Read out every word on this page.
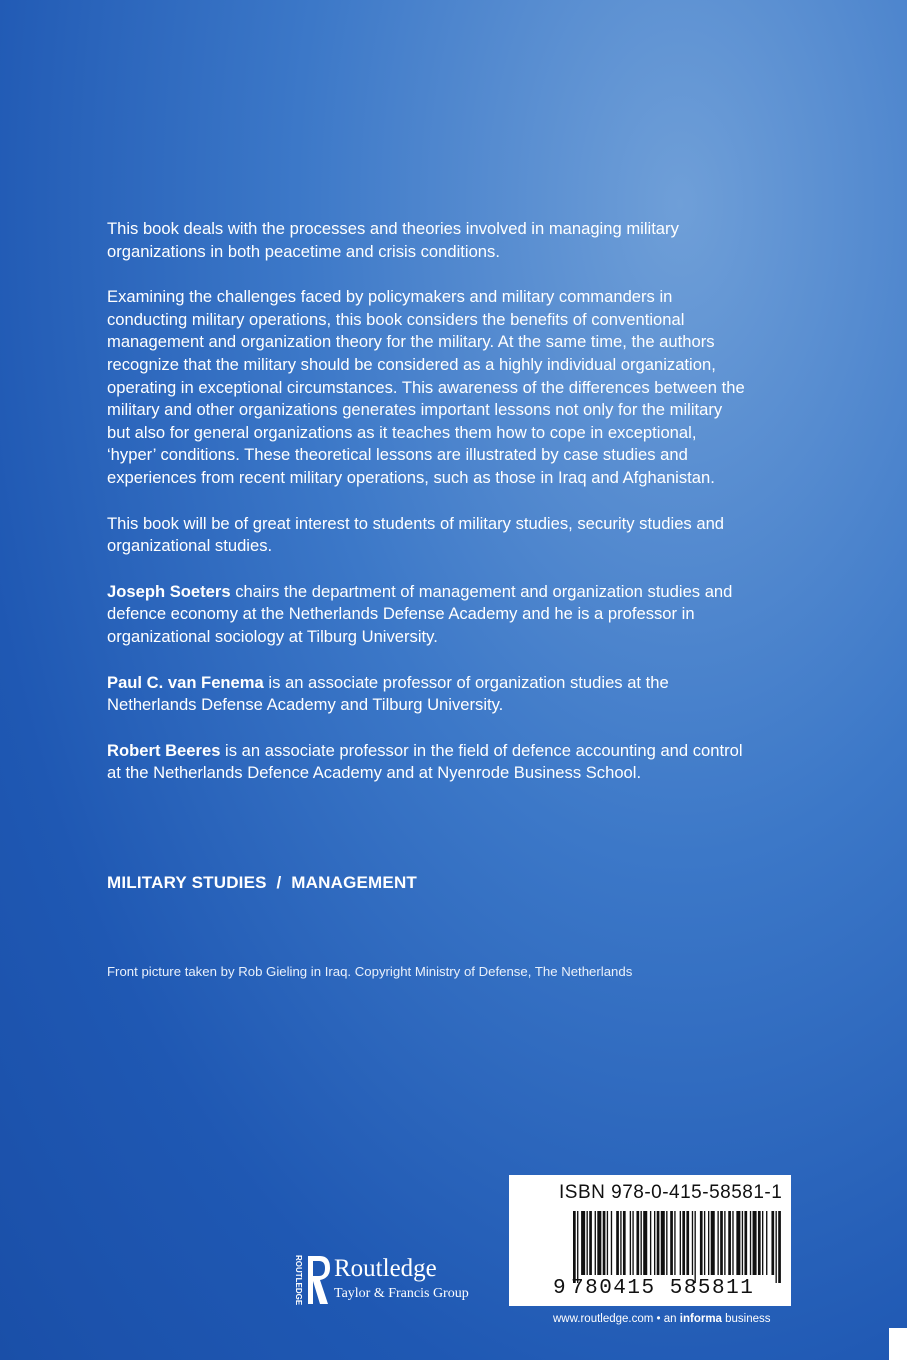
This book deals with the processes and theories involved in managing military organizations in both peacetime and crisis conditions.

Examining the challenges faced by policymakers and military commanders in conducting military operations, this book considers the benefits of conventional management and organization theory for the military. At the same time, the authors recognize that the military should be considered as a highly individual organization, operating in exceptional circumstances. This awareness of the differences between the military and other organizations generates important lessons not only for the military but also for general organizations as it teaches them how to cope in exceptional, ‘hyper’ conditions. These theoretical lessons are illustrated by case studies and experiences from recent military operations, such as those in Iraq and Afghanistan.

This book will be of great interest to students of military studies, security studies and organizational studies.

Joseph Soeters chairs the department of management and organization studies and defence economy at the Netherlands Defense Academy and he is a professor in organizational sociology at Tilburg University.

Paul C. van Fenema is an associate professor of organization studies at the Netherlands Defense Academy and Tilburg University.

Robert Beeres is an associate professor in the field of defence accounting and control at the Netherlands Defence Academy and at Nyenrode Business School.

MILITARY STUDIES  /  MANAGEMENT
Front picture taken by Rob Gieling in Iraq. Copyright Ministry of Defense, The Netherlands
ROUTLEDGE Routledge
Taylor & Francis Group
ISBN 978-0-415-58581-1
9 780415 585811
www.routledge.com • an informa business
